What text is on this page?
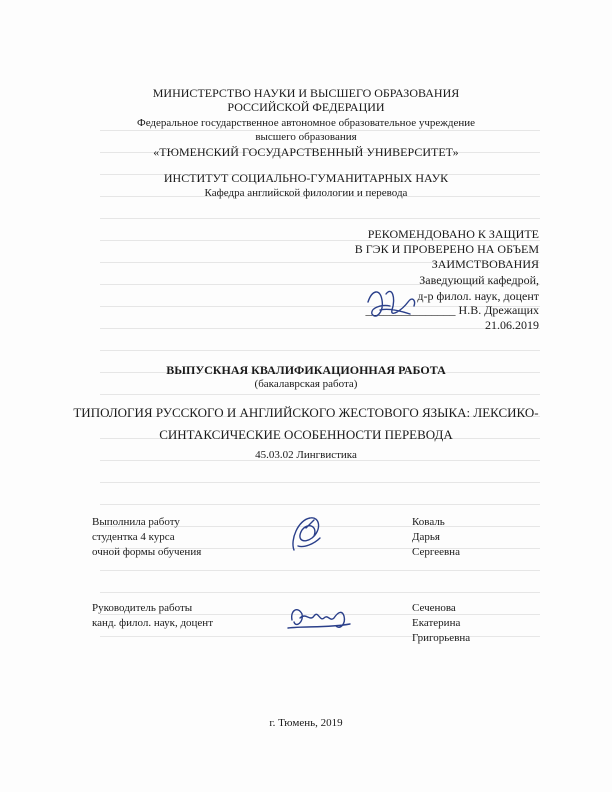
МИНИСТЕРСТВО НАУКИ И ВЫСШЕГО ОБРАЗОВАНИЯ
РОССИЙСКОЙ ФЕДЕРАЦИИ
Федеральное государственное автономное образовательное учреждение
высшего образования
«ТЮМЕНСКИЙ ГОСУДАРСТВЕННЫЙ УНИВЕРСИТЕТ»
ИНСТИТУТ СОЦИАЛЬНО-ГУМАНИТАРНЫХ НАУК
Кафедра английской филологии и перевода
РЕКОМЕНДОВАНО К ЗАЩИТЕ
В ГЭК И ПРОВЕРЕНО НА ОБЪЕМ
ЗАИМСТВОВАНИЯ
Заведующий кафедрой,
д-р филол. наук, доцент
_______________ Н.В. Дрежащих
21.06.2019
ВЫПУСКНАЯ КВАЛИФИКАЦИОННАЯ РАБОТА
(бакалаврская работа)
ТИПОЛОГИЯ РУССКОГО И АНГЛИЙСКОГО ЖЕСТОВОГО ЯЗЫКА: ЛЕКСИКО-
СИНТАКСИЧЕСКИЕ ОСОБЕННОСТИ ПЕРЕВОДА
45.03.02 Лингвистика
Выполнила работу
студентка 4 курса
очной формы обучения
Коваль
Дарья
Сергеевна
Руководитель работы
канд. филол. наук, доцент
Сеченова
Екатерина
Григорьевна
г. Тюмень, 2019
